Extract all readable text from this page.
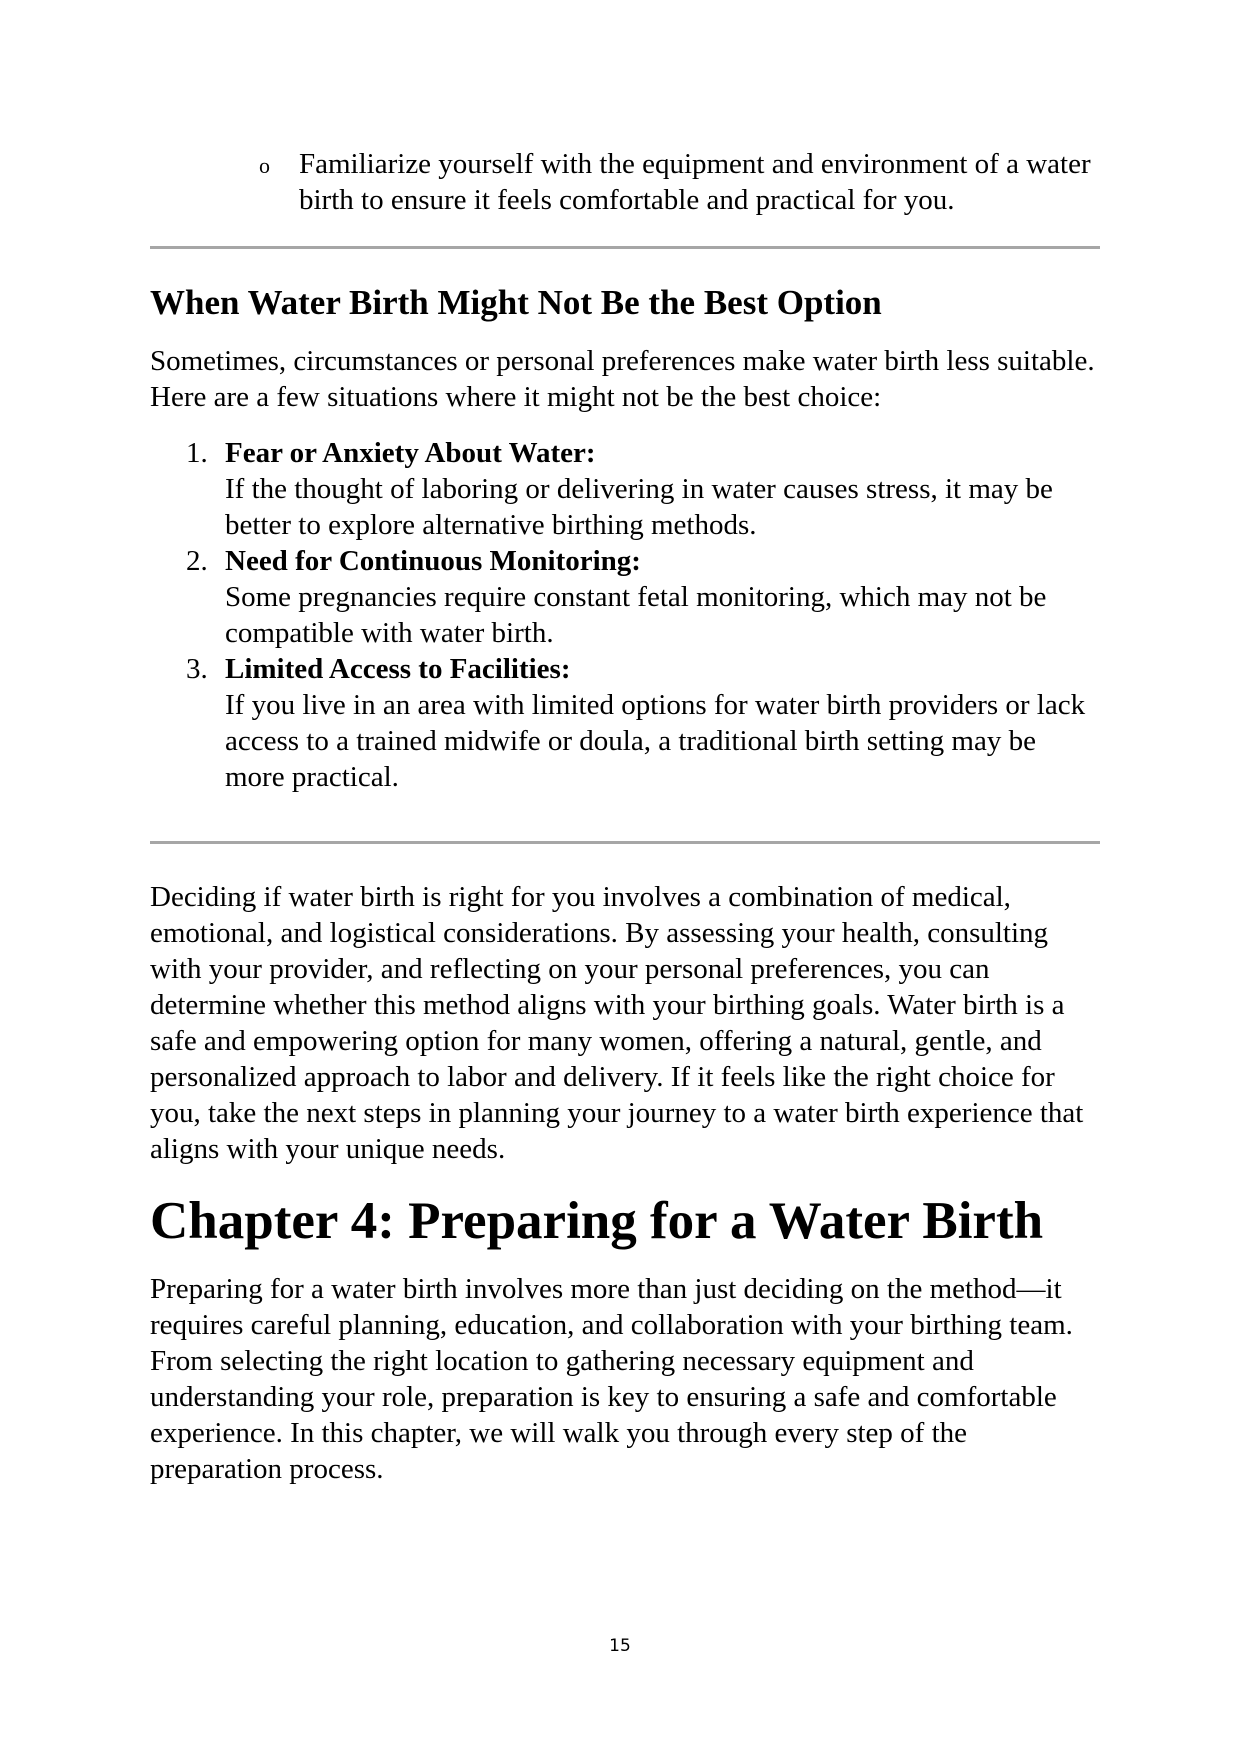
o Familiarize yourself with the equipment and environment of a water birth to ensure it feels comfortable and practical for you.
When Water Birth Might Not Be the Best Option

Sometimes, circumstances or personal preferences make water birth less suitable. Here are a few situations where it might not be the best choice:

1. Fear or Anxiety About Water:
If the thought of laboring or delivering in water causes stress, it may be better to explore alternative birthing methods.
2. Need for Continuous Monitoring:
Some pregnancies require constant fetal monitoring, which may not be compatible with water birth.
3. Limited Access to Facilities:
If you live in an area with limited options for water birth providers or lack access to a trained midwife or doula, a traditional birth setting may be more practical.

Deciding if water birth is right for you involves a combination of medical, emotional, and logistical considerations. By assessing your health, consulting with your provider, and reflecting on your personal preferences, you can determine whether this method aligns with your birthing goals. Water birth is a safe and empowering option for many women, offering a natural, gentle, and personalized approach to labor and delivery. If it feels like the right choice for you, take the next steps in planning your journey to a water birth experience that aligns with your unique needs.

Chapter 4: Preparing for a Water Birth

Preparing for a water birth involves more than just deciding on the method—it requires careful planning, education, and collaboration with your birthing team. From selecting the right location to gathering necessary equipment and understanding your role, preparation is key to ensuring a safe and comfortable experience. In this chapter, we will walk you through every step of the preparation process.

15
